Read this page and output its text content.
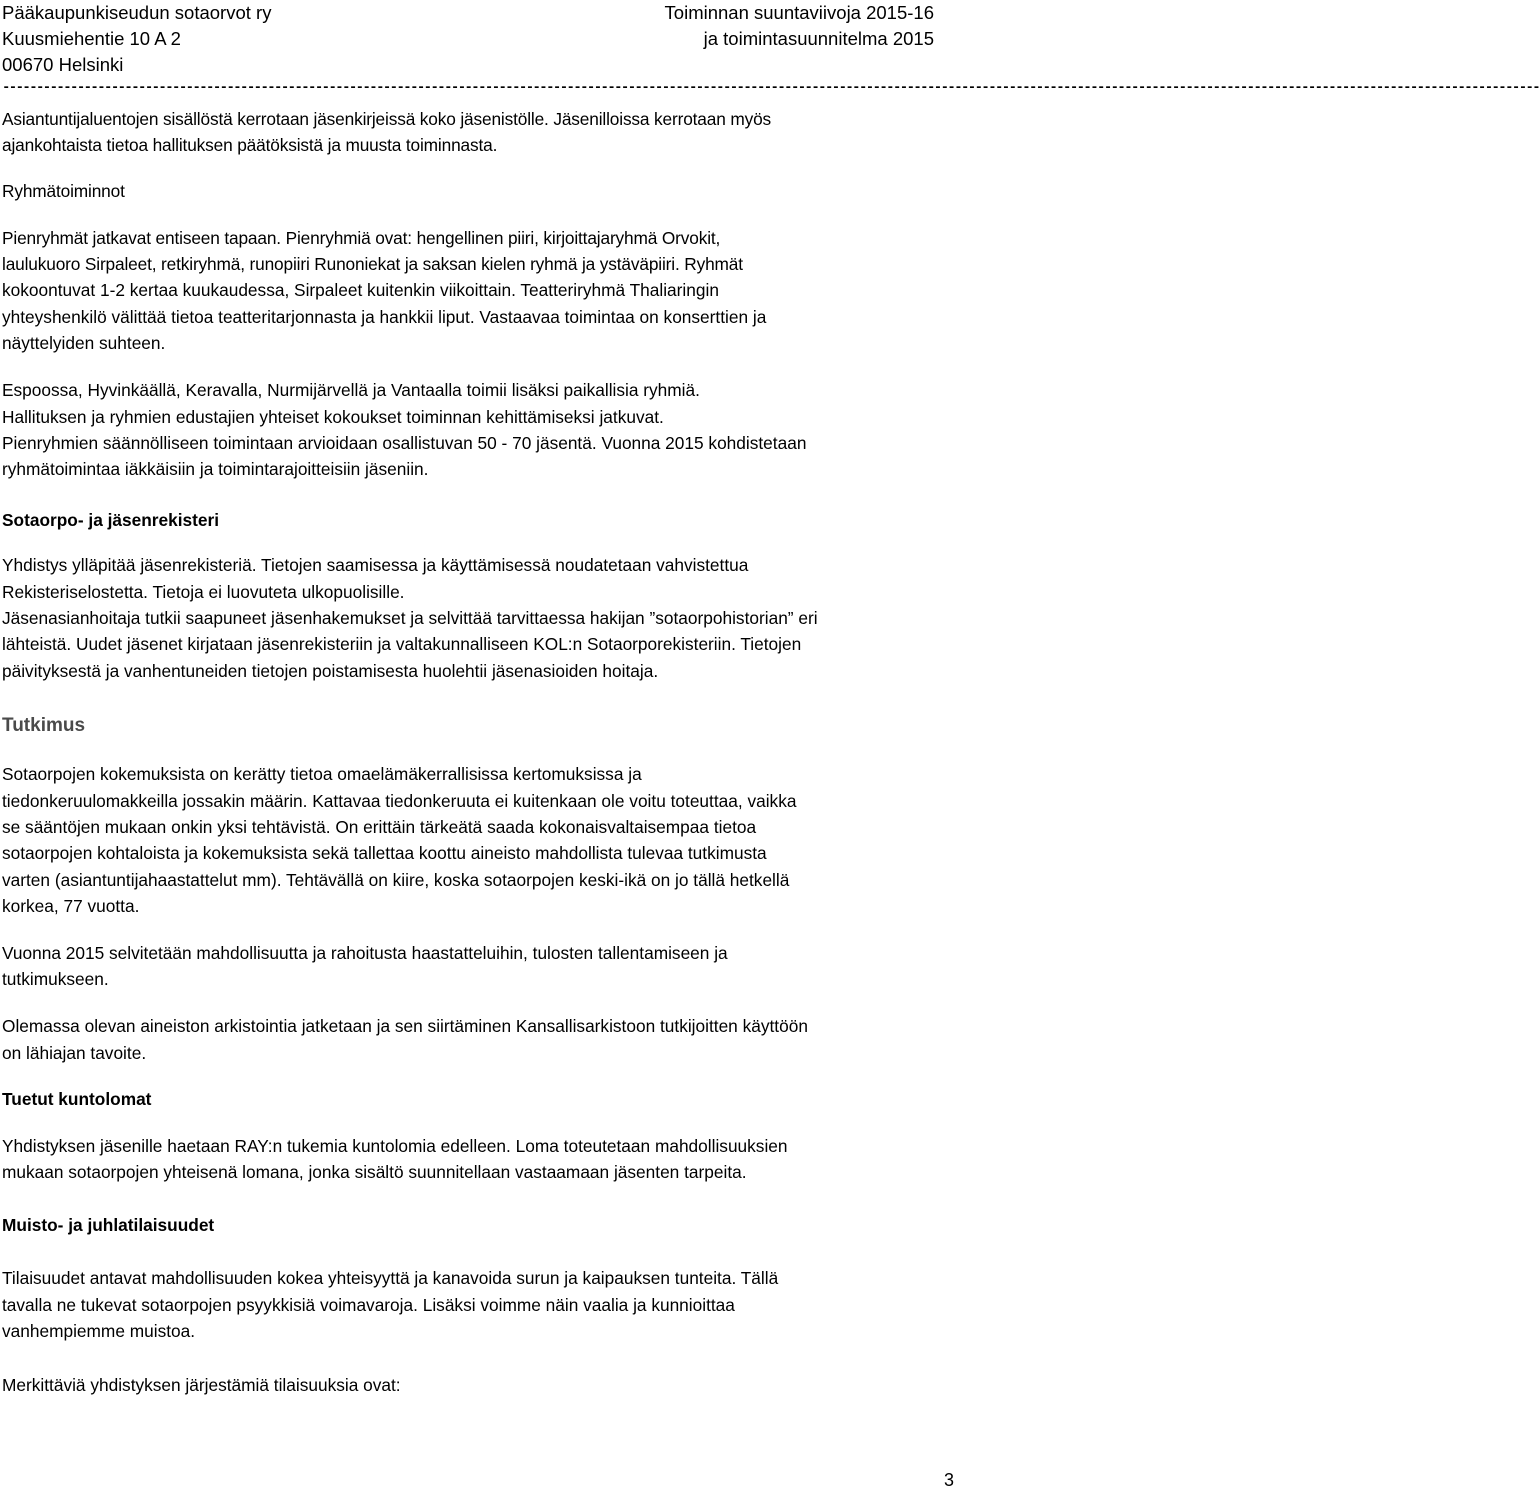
Pääkaupunkiseudun sotaorvot ry
Kuusmiehentie 10 A 2
00670 Helsinki
Toiminnan suuntaviivoja 2015-16
ja toimintasuunnitelma 2015
----------------------------------------------------------------------------------------------------------------------------------------------------------------------------------------------------------------------------------
Asiantuntijaluentojen sisällöstä kerrotaan jäsenkirjeissä koko jäsenistölle. Jäsenilloissa kerrotaan myös
ajankohtaista tietoa hallituksen päätöksistä ja muusta toiminnasta.
Ryhmätoiminnot
Pienryhmät jatkavat entiseen tapaan. Pienryhmiä ovat: hengellinen piiri, kirjoittajaryhmä Orvokit,
laulukuoro Sirpaleet, retkiryhmä, runopiiri Runoniekat ja saksan kielen ryhmä ja ystäväpiiri. Ryhmät
kokoontuvat 1-2 kertaa kuukaudessa, Sirpaleet kuitenkin viikoittain. Teatteriryhmä Thaliaringin
yhteyshenkilö välittää tietoa teatteritarjonnasta ja hankkii liput. Vastaavaa toimintaa on konserttien ja
näyttelyiden suhteen.
Espoossa, Hyvinkäällä, Keravalla, Nurmijärvellä ja Vantaalla toimii lisäksi paikallisia ryhmiä.
Hallituksen ja ryhmien edustajien yhteiset kokoukset toiminnan kehittämiseksi jatkuvat.
Pienryhmien säännölliseen toimintaan arvioidaan osallistuvan 50 - 70 jäsentä. Vuonna 2015 kohdistetaan
ryhmätoimintaa iäkkäisiin ja toimintarajoitteisiin jäseniin.
Sotaorpo- ja jäsenrekisteri
Yhdistys ylläpitää jäsenrekisteriä. Tietojen saamisessa ja käyttämisessä noudatetaan vahvistettua
Rekisteriselostetta. Tietoja ei luovuteta ulkopuolisille.
Jäsenasianhoitaja tutkii saapuneet jäsenhakemukset ja selvittää tarvittaessa hakijan ”sotaorpohistorian” eri
lähteistä. Uudet jäsenet kirjataan jäsenrekisteriin ja valtakunnalliseen KOL:n Sotaorporekisteriin. Tietojen
päivityksestä ja vanhentuneiden tietojen poistamisesta huolehtii jäsenasioiden hoitaja.
Tutkimus
Sotaorpojen kokemuksista on kerätty tietoa omaelämäkerrallisissa kertomuksissa ja
tiedonkeruulomakkeilla jossakin määrin. Kattavaa tiedonkeruuta ei kuitenkaan ole voitu toteuttaa, vaikka
se sääntöjen mukaan onkin yksi tehtävistä. On erittäin tärkeätä saada kokonaisvaltaisempaa tietoa
sotaorpojen kohtaloista ja kokemuksista sekä tallettaa koottu aineisto mahdollista tulevaa tutkimusta
varten (asiantuntijahaastattelut mm). Tehtävällä on kiire, koska sotaorpojen keski-ikä on jo tällä hetkellä
korkea, 77 vuotta.
Vuonna 2015 selvitetään mahdollisuutta ja rahoitusta haastatteluihin, tulosten tallentamiseen ja
tutkimukseen.
Olemassa olevan aineiston arkistointia jatketaan ja sen siirtäminen Kansallisarkistoon tutkijoitten käyttöön
on lähiajan tavoite.
Tuetut kuntolomat
Yhdistyksen jäsenille haetaan RAY:n tukemia kuntolomia edelleen. Loma toteutetaan mahdollisuuksien
mukaan sotaorpojen yhteisenä lomana, jonka sisältö suunnitellaan vastaamaan jäsenten tarpeita.
Muisto- ja juhlatilaisuudet
Tilaisuudet antavat mahdollisuuden kokea yhteisyyttä ja kanavoida surun ja kaipauksen tunteita. Tällä
tavalla ne tukevat sotaorpojen psyykkisiä voimavaroja. Lisäksi voimme näin vaalia ja kunnioittaa
vanhempiemme muistoa.
Merkittäviä yhdistyksen järjestämiä tilaisuuksia ovat:
3
